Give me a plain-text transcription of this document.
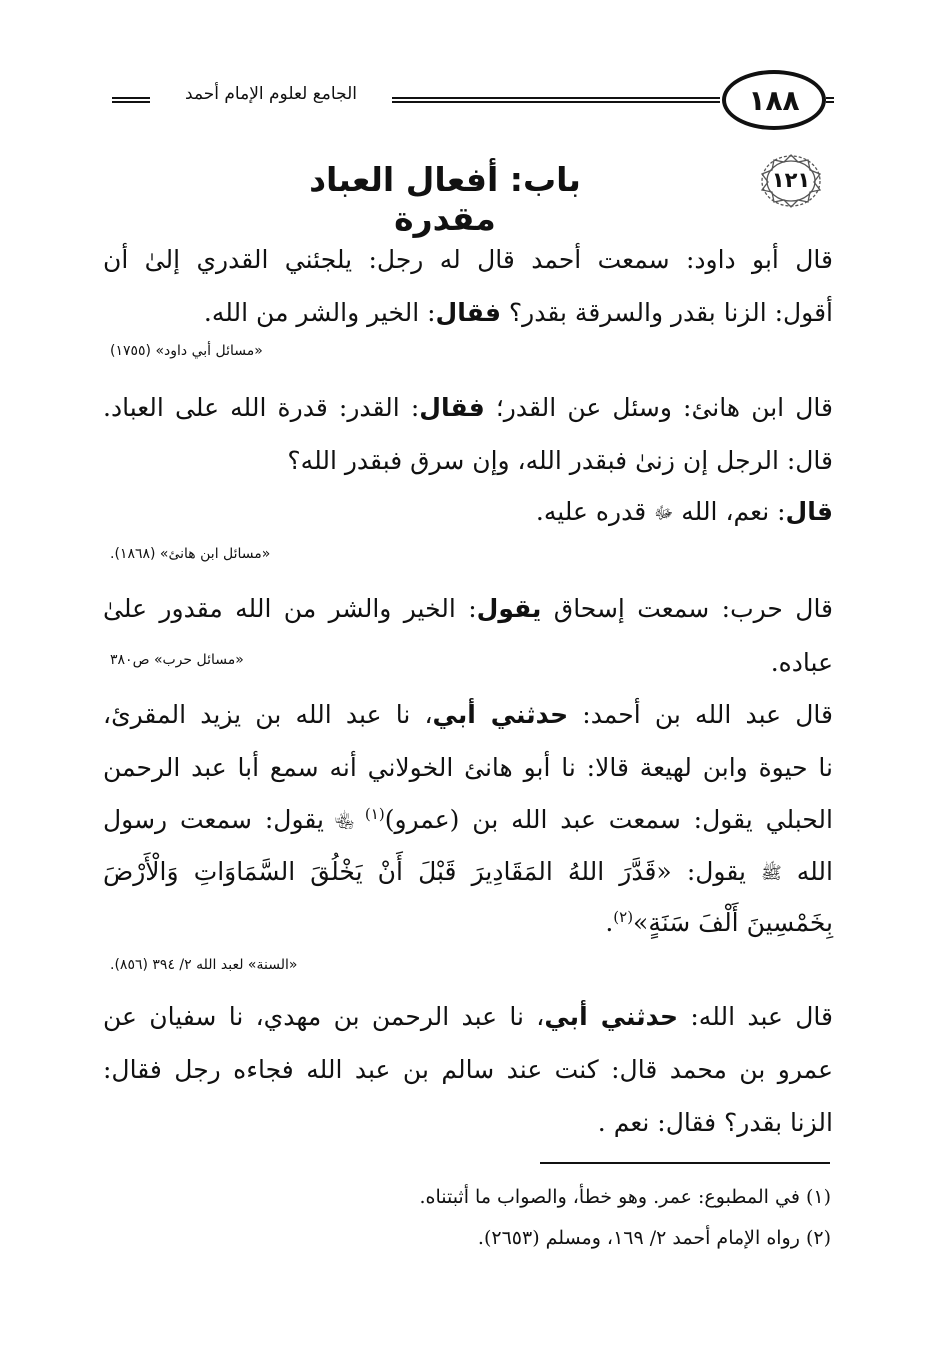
الجامع لعلوم الإمام أحمد	١٨٨
١٢١
باب: أفعال العباد مقدرة
قال أبو داود: سمعت أحمد قال له رجل: يلجئني القدري إلىٰ أن
أقول: الزنا بقدر والسرقة بقدر؟ فقال: الخير والشر من الله.
«مسائل أبي داود» (١٧٥٥)
قال ابن هانئ: وسئل عن القدر؛ فقال: القدر: قدرة الله على العباد.
قال: الرجل إن زنىٰ فبقدر الله، وإن سرق فبقدر الله؟
قال: نعم، الله ﷻ قدره عليه.
«مسائل ابن هانئ» (١٨٦٨).
قال حرب: سمعت إسحاق يقول: الخير والشر من الله مقدور علىٰ
عباده.
«مسائل حرب» ص٣٨٠
قال عبد الله بن أحمد: حدثني أبي، نا عبد الله بن يزيد المقرئ،
نا حيوة وابن لهيعة قالا: نا أبو هانئ الخولاني أنه سمع أبا عبد الرحمن
الحبلي يقول: سمعت عبد الله بن (عمرو)$^{(١)}$ ﵄ يقول: سمعت رسول
الله ﷺ يقول: «قَدَّرَ اللهُ المَقَادِيرَ قَبْلَ أَنْ يَخْلُقَ السَّمَاوَاتِ وَالْأَرْضَ
بِخَمْسِينَ أَلْفَ سَنَةٍ»$^{(٢)}$.
«السنة» لعبد الله ٢/ ٣٩٤ (٨٥٦).
قال عبد الله: حدثني أبي، نا عبد الرحمن بن مهدي، نا سفيان عن
عمرو بن محمد قال: كنت عند سالم بن عبد الله فجاءه رجل فقال:
الزنا بقدر؟ فقال: نعم .
(١) في المطبوع: عمر. وهو خطأ، والصواب ما أثبتناه.
(٢) رواه الإمام أحمد ٢/ ١٦٩، ومسلم (٢٦٥٣).
